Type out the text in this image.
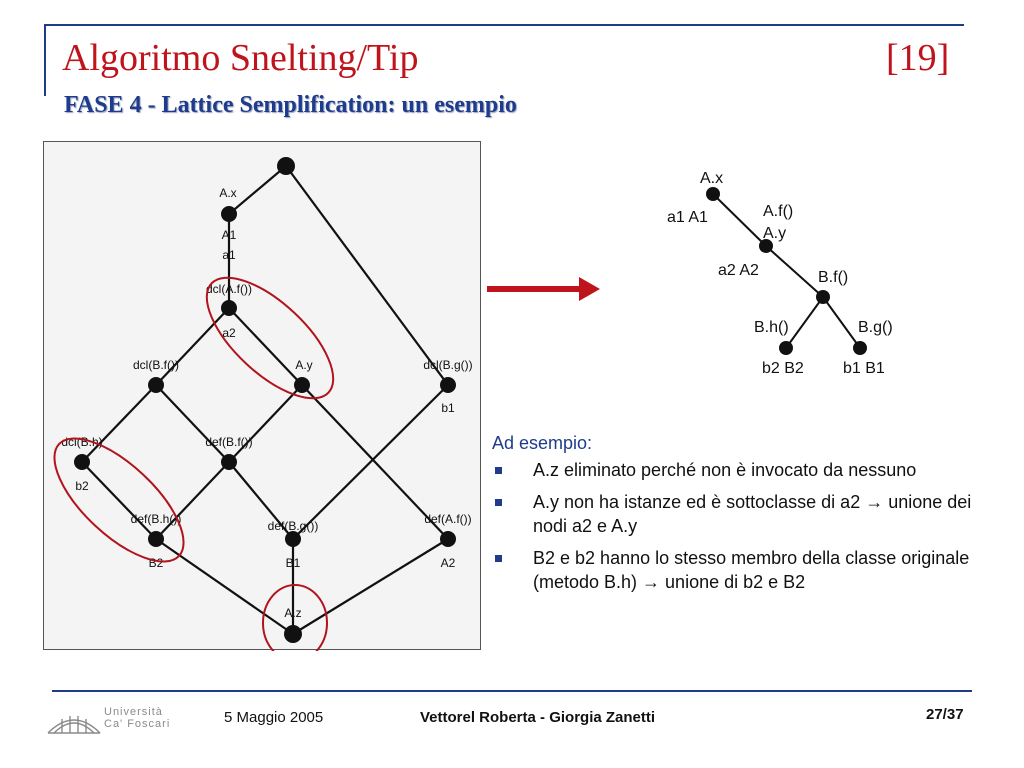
Algoritmo Snelting/Tip	[19]
FASE 4 - Lattice Semplification: un esempio
A.x
A1
a1
dcl(A.f())
a2
dcl(B.f())	A.y	dcl(B.g())
b1
dcl(B.h)
b2
def(B.f())
def(B.h())	def(B.g())	def(A.f())
B2	B1	A2
A.z
A.x
a1 A1	A.f()
A.y
a2 A2	B.f()
B.h()	B.g()
b2 B2 b1 B1
Ad esempio:
A.z eliminato perché non è invocato da nessuno
A.y non ha istanze ed è sottoclasse di a2 → unione dei nodi a2 e A.y
B2 e b2 hanno lo stesso membro della classe originale (metodo B.h) → unione di b2 e B2
Università
Ca' Foscari	5 Maggio 2005	Vettorel Roberta - Giorgia Zanetti	27/37
